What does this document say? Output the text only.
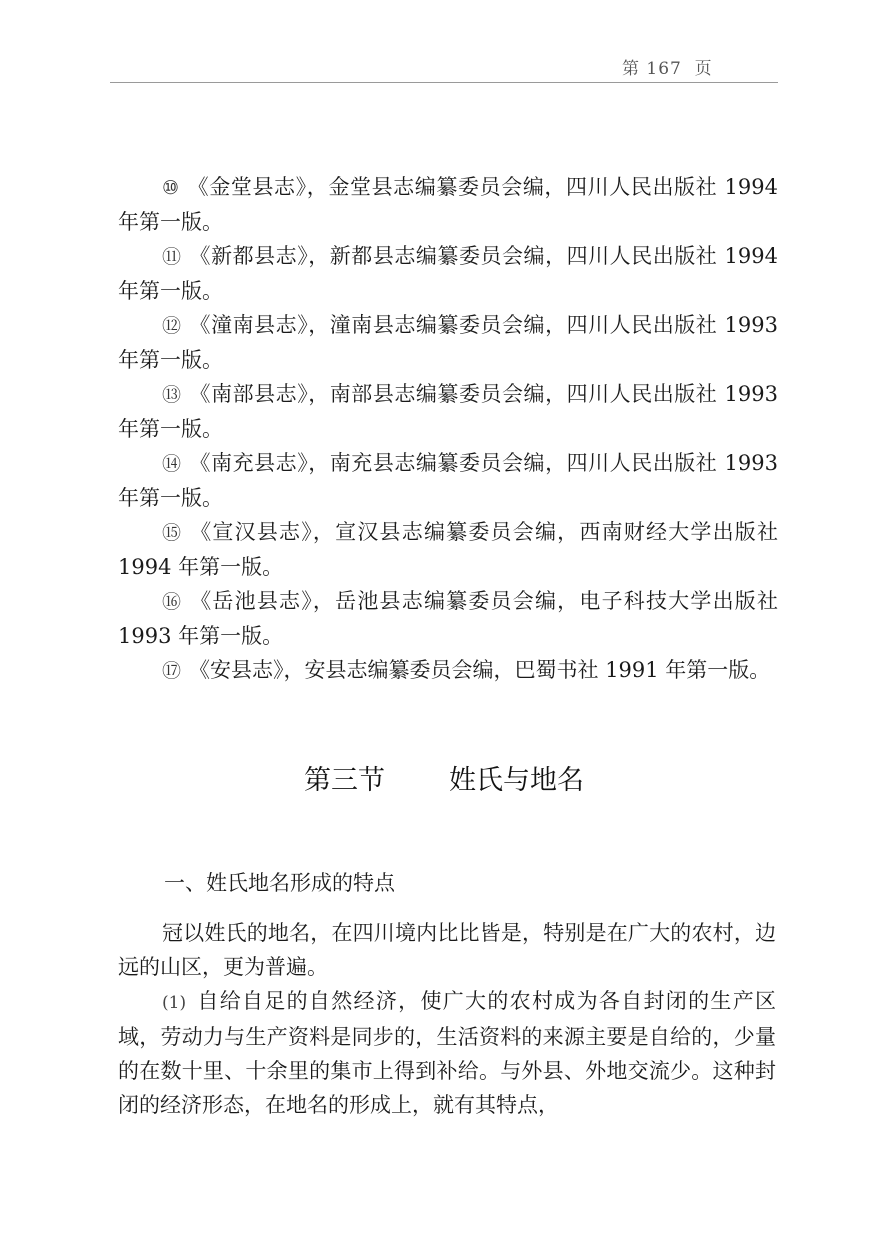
第 167  页
⑩ 《金堂县志》，金堂县志编纂委员会编，四川人民出版社 1994 年第一版。
⑪ 《新都县志》，新都县志编纂委员会编，四川人民出版社 1994 年第一版。
⑫ 《潼南县志》，潼南县志编纂委员会编，四川人民出版社 1993 年第一版。
⑬ 《南部县志》，南部县志编纂委员会编，四川人民出版社 1993 年第一版。
⑭ 《南充县志》，南充县志编纂委员会编，四川人民出版社 1993 年第一版。
⑮ 《宣汉县志》，宣汉县志编纂委员会编，西南财经大学出版社 1994 年第一版。
⑯ 《岳池县志》，岳池县志编纂委员会编，电子科技大学出版社 1993 年第一版。
⑰ 《安县志》，安县志编纂委员会编，巴蜀书社 1991 年第一版。
第三节 姓氏与地名
一、姓氏地名形成的特点

冠以姓氏的地名，在四川境内比比皆是，特别是在广大的农村，边远的山区，更为普遍。

(1) 自给自足的自然经济，使广大的农村成为各自封闭的生产区域，劳动力与生产资料是同步的，生活资料的来源主要是自给的，少量的在数十里、十余里的集市上得到补给。与外县、外地交流少。这种封闭的经济形态，在地名的形成上，就有其特点，
